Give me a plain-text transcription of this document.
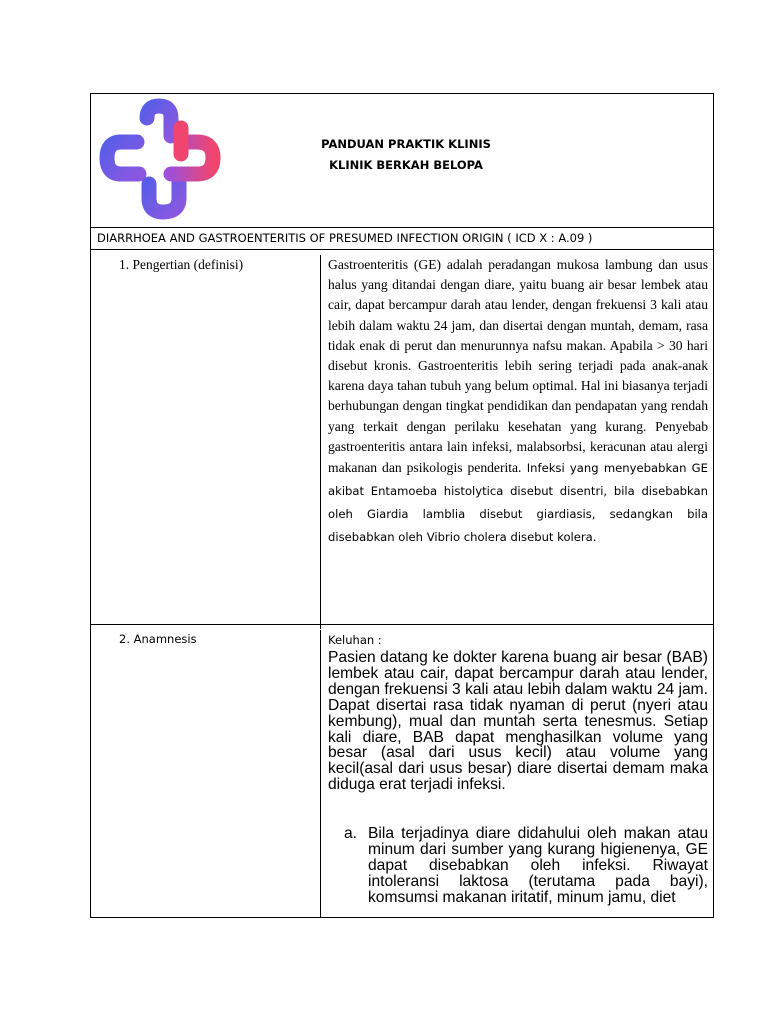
PANDUAN PRAKTIK KLINIS
KLINIK BERKAH BELOPA
DIARRHOEA AND GASTROENTERITIS OF PRESUMED INFECTION ORIGIN ( ICD X : A.09 )
1. Pengertian (definisi)	Gastroenteritis (GE) adalah peradangan mukosa lambung dan usus halus yang ditandai dengan diare, yaitu buang air besar lembek atau cair, dapat bercampur darah atau lender, dengan frekuensi 3 kali atau lebih dalam waktu 24 jam, dan disertai dengan muntah, demam, rasa tidak enak di perut dan menurunnya nafsu makan. Apabila > 30 hari disebut kronis. Gastroenteritis lebih sering terjadi pada anak-anak karena daya tahan tubuh yang belum optimal. Hal ini biasanya terjadi berhubungan dengan tingkat pendidikan dan pendapatan yang rendah yang terkait dengan perilaku kesehatan yang kurang. Penyebab gastroenteritis antara lain infeksi, malabsorbsi, keracunan atau alergi makanan dan psikologis penderita. Infeksi yang menyebabkan GE akibat Entamoeba histolytica disebut disentri, bila disebabkan oleh Giardia lamblia disebut giardiasis, sedangkan bila disebabkan oleh Vibrio cholera disebut kolera.

2. Anamnesis	Keluhan :

Pasien datang ke dokter karena buang air besar (BAB) lembek atau cair, dapat bercampur darah atau lender, dengan frekuensi 3 kali atau lebih dalam waktu 24 jam. Dapat disertai rasa tidak nyaman di perut (nyeri atau kembung), mual dan muntah serta tenesmus. Setiap kali diare, BAB dapat menghasilkan volume yang besar (asal dari usus kecil) atau volume yang kecil(asal dari usus besar) diare disertai demam maka diduga erat terjadi infeksi.

a. Bila terjadinya diare didahului oleh makan atau minum dari sumber yang kurang higienenya, GE dapat disebabkan oleh infeksi. Riwayat intoleransi laktosa (terutama pada bayi), komsumsi makanan iritatif, minum jamu, diet
